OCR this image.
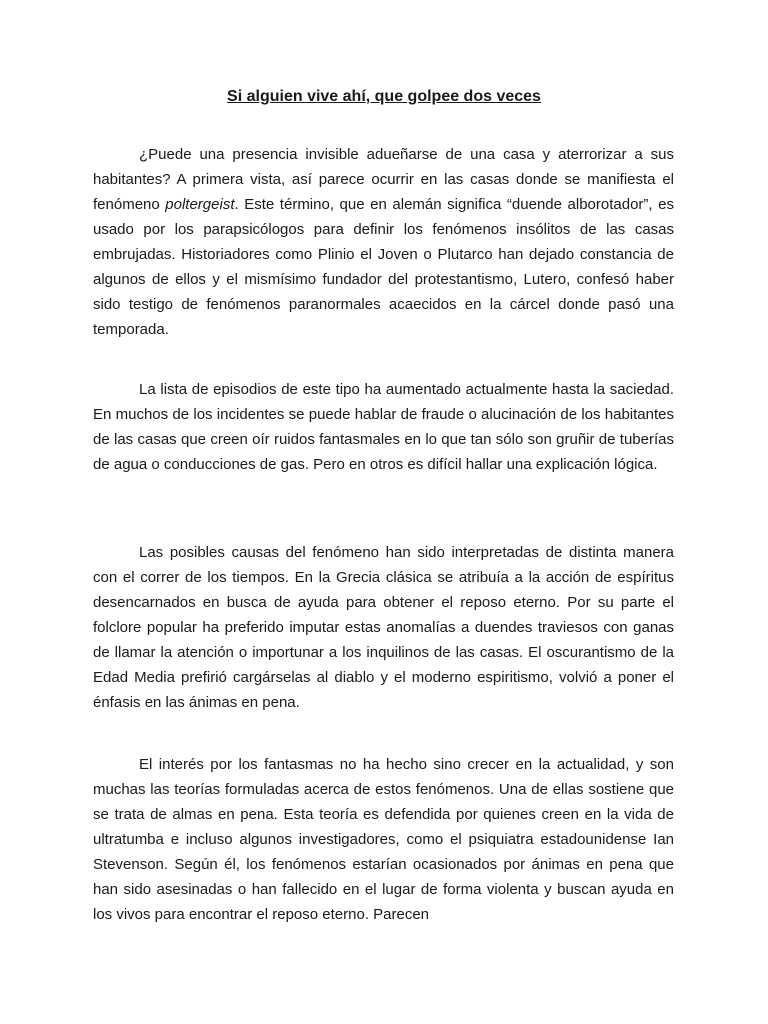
Si alguien vive ahí, que golpee dos veces

¿Puede una presencia invisible adueñarse de una casa y aterrorizar a sus habitantes? A primera vista, así parece ocurrir en las casas donde se manifiesta el fenómeno poltergeist. Este término, que en alemán significa “duende alborotador”, es usado por los parapsicólogos para definir los fenómenos insólitos de las casas embrujadas. Historiadores como Plinio el Joven o Plutarco han dejado constancia de algunos de ellos y el mismísimo fundador del protestantismo, Lutero, confesó haber sido testigo de fenómenos paranormales acaecidos en la cárcel donde pasó una temporada.

La lista de episodios de este tipo ha aumentado actualmente hasta la saciedad. En muchos de los incidentes se puede hablar de fraude o alucinación de los habitantes de las casas que creen oír ruidos fantasmales en lo que tan sólo son gruñir de tuberías de agua o conducciones de gas. Pero en otros es difícil hallar una explicación lógica.

Las posibles causas del fenómeno han sido interpretadas de distinta manera con el correr de los tiempos. En la Grecia clásica se atribuía a la acción de espíritus desencarnados en busca de ayuda para obtener el reposo eterno. Por su parte el folclore popular ha preferido imputar estas anomalías a duendes traviesos con ganas de llamar la atención o importunar a los inquilinos de las casas. El oscurantismo de la Edad Media prefirió cargárselas al diablo y el moderno espiritismo, volvió a poner el énfasis en las ánimas en pena.

El interés por los fantasmas no ha hecho sino crecer en la actualidad, y son muchas las teorías formuladas acerca de estos fenómenos. Una de ellas sostiene que se trata de almas en pena. Esta teoría es defendida por quienes creen en la vida de ultratumba e incluso algunos investigadores, como el psiquiatra estadounidense Ian Stevenson. Según él, los fenómenos estarían ocasionados por ánimas en pena que han sido asesinadas o han fallecido en el lugar de forma violenta y buscan ayuda en los vivos para encontrar el reposo eterno. Parecen
